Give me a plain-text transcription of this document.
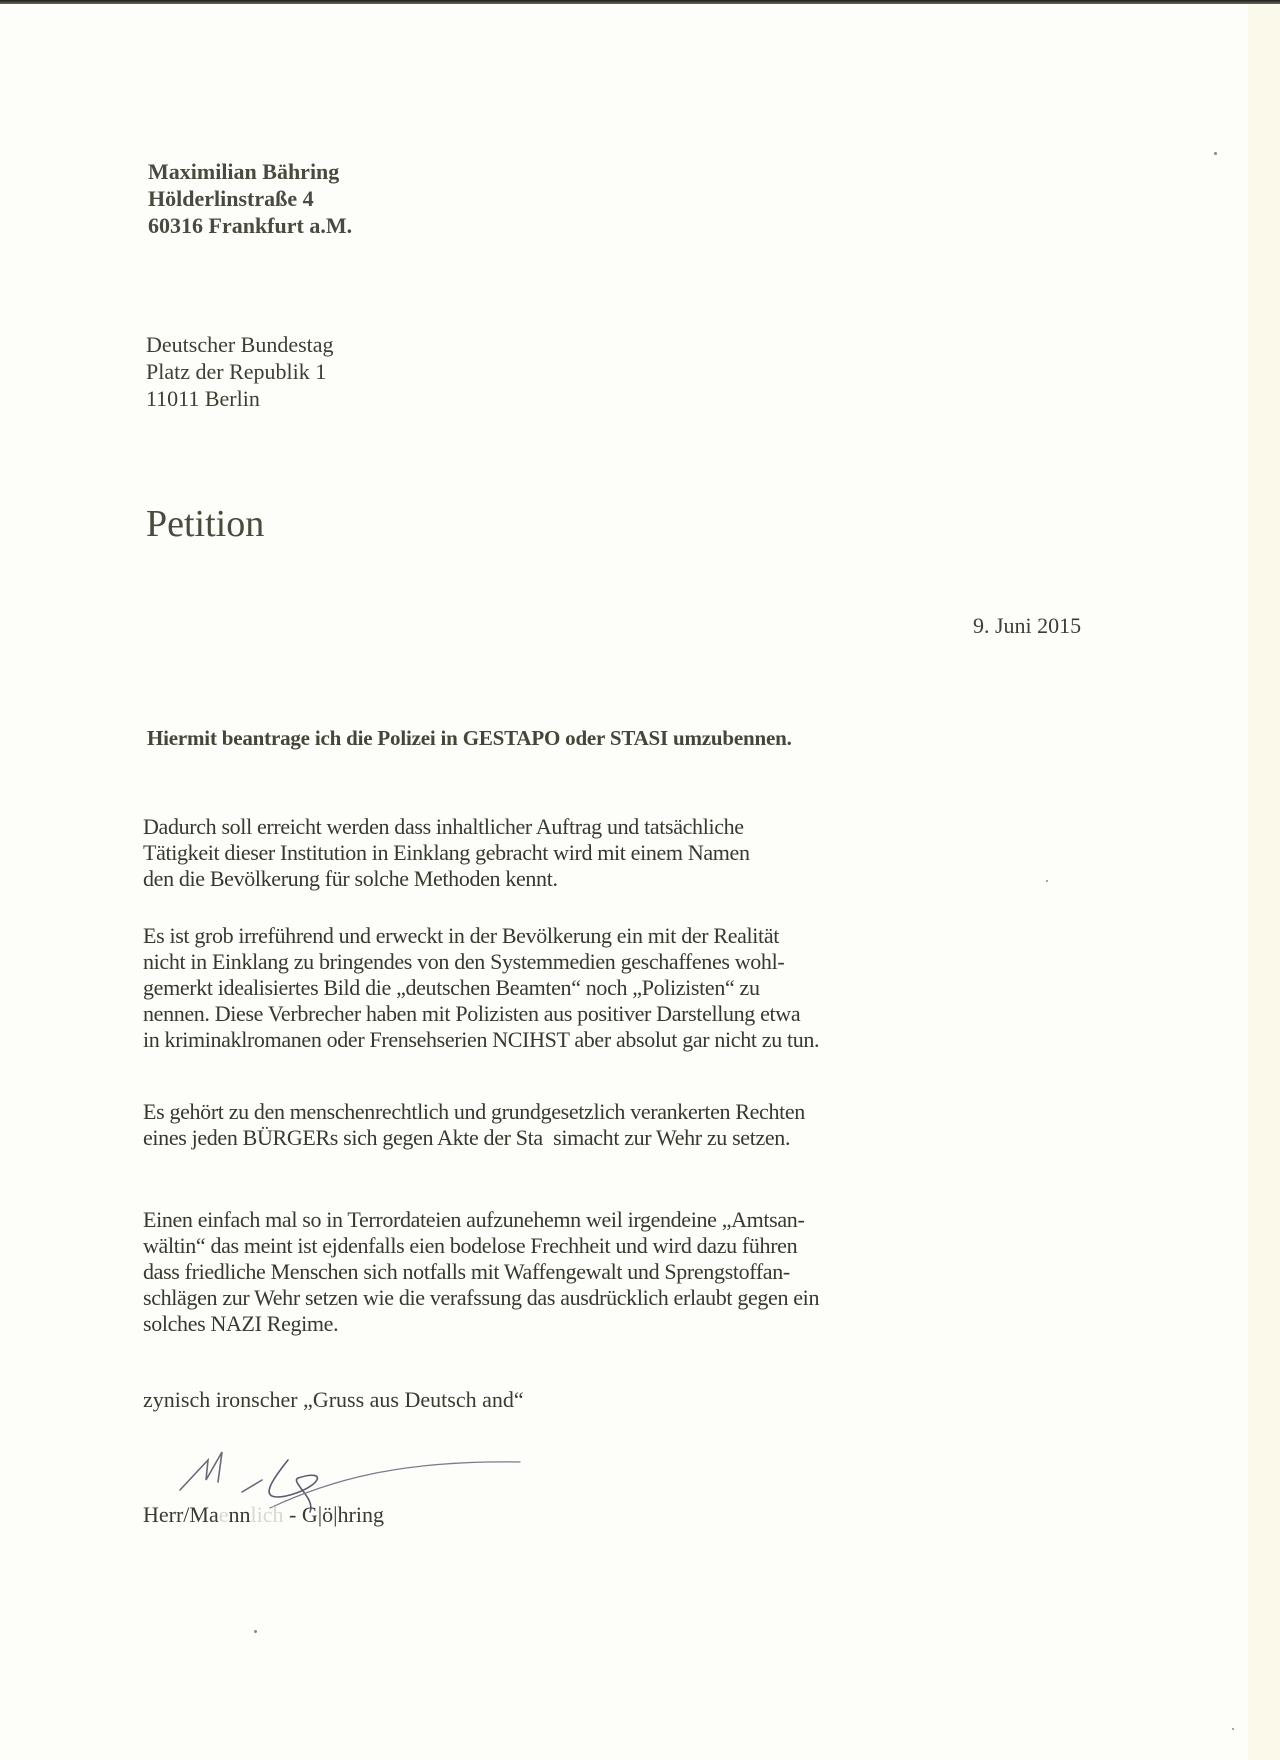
Maximilian Bähring
Hölderlinstraße 4
60316 Frankfurt a.M.
Deutscher Bundestag
Platz der Republik 1
11011 Berlin
Petition
9. Juni 2015
Hiermit beantrage ich die Polizei in GESTAPO oder STASI umzubennen.
Dadurch soll erreicht werden dass inhaltlicher Auftrag und tatsächliche
Tätigkeit dieser Institution in Einklang gebracht wird mit einem Namen
den die Bevölkerung für solche Methoden kennt.
Es ist grob irreführend und erweckt in der Bevölkerung ein mit der Realität
nicht in Einklang zu bringendes von den Systemmedien geschaffenes wohl-
gemerkt idealisiertes Bild die „deutschen Beamten“ noch „Polizisten“ zu
nennen. Diese Verbrecher haben mit Polizisten aus positiver Darstellung etwa
in kriminaklromanen oder Frensehserien NCIHST aber absolut gar nicht zu tun.
Es gehört zu den menschenrechtlich und grundgesetzlich verankerten Rechten
eines jeden BÜRGERs sich gegen Akte der Sta  simacht zur Wehr zu setzen.
Einen einfach mal so in Terrordateien aufzunehemn weil irgendeine „Amtsan-
wältin“ das meint ist ejdenfalls eien bodelose Frechheit und wird dazu führen
dass friedliche Menschen sich notfalls mit Waffengewalt und Sprengstoffan-
schlägen zur Wehr setzen wie die verafssung das ausdrücklich erlaubt gegen ein
solches NAZI Regime.
zynisch ironscher „Gruss aus Deutsch and“
Herr/Maennlich - G|ö|hring
